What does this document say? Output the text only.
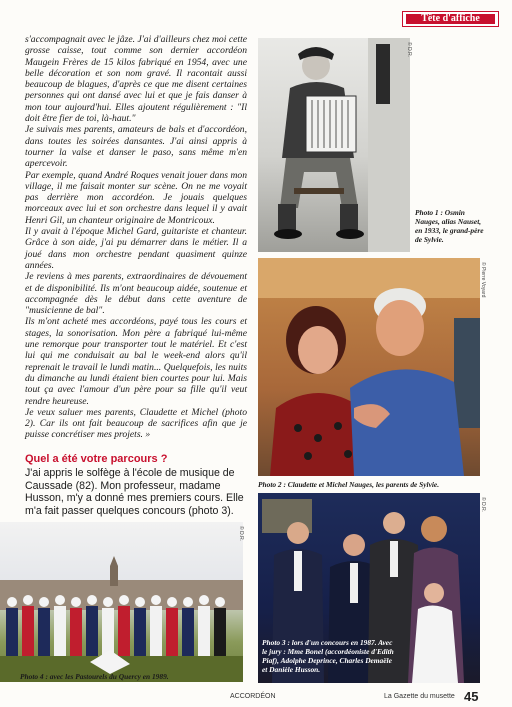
Tête d'affiche

s'accompagnait avec le jâze. J'ai d'ailleurs chez moi cette grosse caisse, tout comme son dernier accordéon Maugein Frères de 15 kilos fabriqué en 1954, avec une belle décoration et son nom gravé. Il racontait aussi beaucoup de blagues, d'après ce que me disent certaines personnes qui ont dansé avec lui et que je fais danser à mon tour aujourd'hui. Elles ajoutent régulièrement : "Il doit être fier de toi, là-haut."

Je suivais mes parents, amateurs de bals et d'accordéon, dans toutes les soirées dansantes. J'ai ainsi appris à tourner la valse et danser le paso, sans même m'en apercevoir.

Par exemple, quand André Roques venait jouer dans mon village, il me faisait monter sur scène. On ne me voyait pas derrière mon accordéon. Je jouais quelques morceaux avec lui et son orchestre dans lequel il y avait Henri Gil, un chanteur originaire de Montricoux.

Il y avait à l'époque Michel Gard, guitariste et chanteur. Grâce à son aide, j'ai pu démarrer dans le métier. Il a joué dans mon orchestre pendant quasiment quinze années.

Je reviens à mes parents, extraordinaires de dévouement et de disponibilité. Ils m'ont beaucoup aidée, soutenue et accompagnée dès le début dans cette aventure de "musicienne de bal".

Ils m'ont acheté mes accordéons, payé tous les cours et stages, la sonorisation. Mon père a fabriqué lui-même une remorque pour transporter tout le matériel. Et c'est lui qui me conduisait au bal le week-end alors qu'il reprenait le travail le lundi matin... Quelquefois, les nuits du dimanche au lundi étaient bien courtes pour lui. Mais tout ça avec l'amour d'un père pour sa fille qu'il veut rendre heureuse.

Je veux saluer mes parents, Claudette et Michel (photo 2). Car ils ont fait beaucoup de sacrifices afin que je puisse concrétiser mes projets. »

Quel a été votre parcours ?
J'ai appris le solfège à l'école de musique de Caussade (82). Mon professeur, madame Husson, m'y a donné mes premiers cours. Elle m'a fait passer quelques concours (photo 3).
© D.R.
Photo 1 : Osmin Nauges, alias Nauset, en 1933, le grand-père de Sylvie.
© Pierre Voyard
Photo 2 : Claudette et Michel Nauges, les parents de Sylvie.
© D.R.
Photo 3 : lors d'un concours en 1987. Avec le jury : Mme Bonel (accordéoniste d'Edith Piaf), Adolphe Deprince, Charles Demaële et Danièle Husson.
© D.R.
Photo 4 : avec les Pastourels du Quercy en 1989.
ACCORDÉON	La Gazette du musette 45
